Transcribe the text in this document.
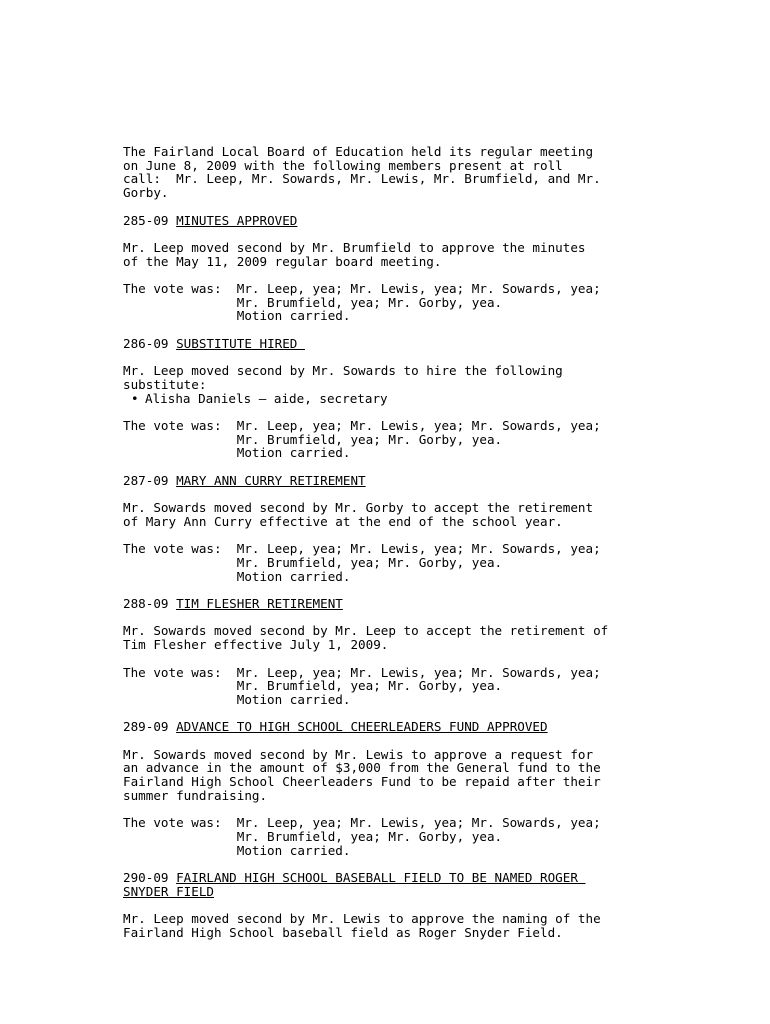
The Fairland Local Board of Education held its regular meeting
on June 8, 2009 with the following members present at roll
call:  Mr. Leep, Mr. Sowards, Mr. Lewis, Mr. Brumfield, and Mr.
Gorby.

285-09 MINUTES APPROVED

Mr. Leep moved second by Mr. Brumfield to approve the minutes
of the May 11, 2009 regular board meeting.

The vote was:  Mr. Leep, yea; Mr. Lewis, yea; Mr. Sowards, yea;
Mr. Brumfield, yea; Mr. Gorby, yea.
Motion carried.

286-09 SUBSTITUTE HIRED

Mr. Leep moved second by Mr. Sowards to hire the following
substitute:

• Alisha Daniels – aide, secretary

The vote was:  Mr. Leep, yea; Mr. Lewis, yea; Mr. Sowards, yea;
Mr. Brumfield, yea; Mr. Gorby, yea.
Motion carried.

287-09 MARY ANN CURRY RETIREMENT

Mr. Sowards moved second by Mr. Gorby to accept the retirement
of Mary Ann Curry effective at the end of the school year.

The vote was:  Mr. Leep, yea; Mr. Lewis, yea; Mr. Sowards, yea;
Mr. Brumfield, yea; Mr. Gorby, yea.
Motion carried.

288-09 TIM FLESHER RETIREMENT

Mr. Sowards moved second by Mr. Leep to accept the retirement of
Tim Flesher effective July 1, 2009.

The vote was:  Mr. Leep, yea; Mr. Lewis, yea; Mr. Sowards, yea;
Mr. Brumfield, yea; Mr. Gorby, yea.
Motion carried.

289-09 ADVANCE TO HIGH SCHOOL CHEERLEADERS FUND APPROVED

Mr. Sowards moved second by Mr. Lewis to approve a request for
an advance in the amount of $3,000 from the General fund to the
Fairland High School Cheerleaders Fund to be repaid after their
summer fundraising.

The vote was:  Mr. Leep, yea; Mr. Lewis, yea; Mr. Sowards, yea;
Mr. Brumfield, yea; Mr. Gorby, yea.
Motion carried.

290-09 FAIRLAND HIGH SCHOOL BASEBALL FIELD TO BE NAMED ROGER
SNYDER FIELD

Mr. Leep moved second by Mr. Lewis to approve the naming of the
Fairland High School baseball field as Roger Snyder Field.
